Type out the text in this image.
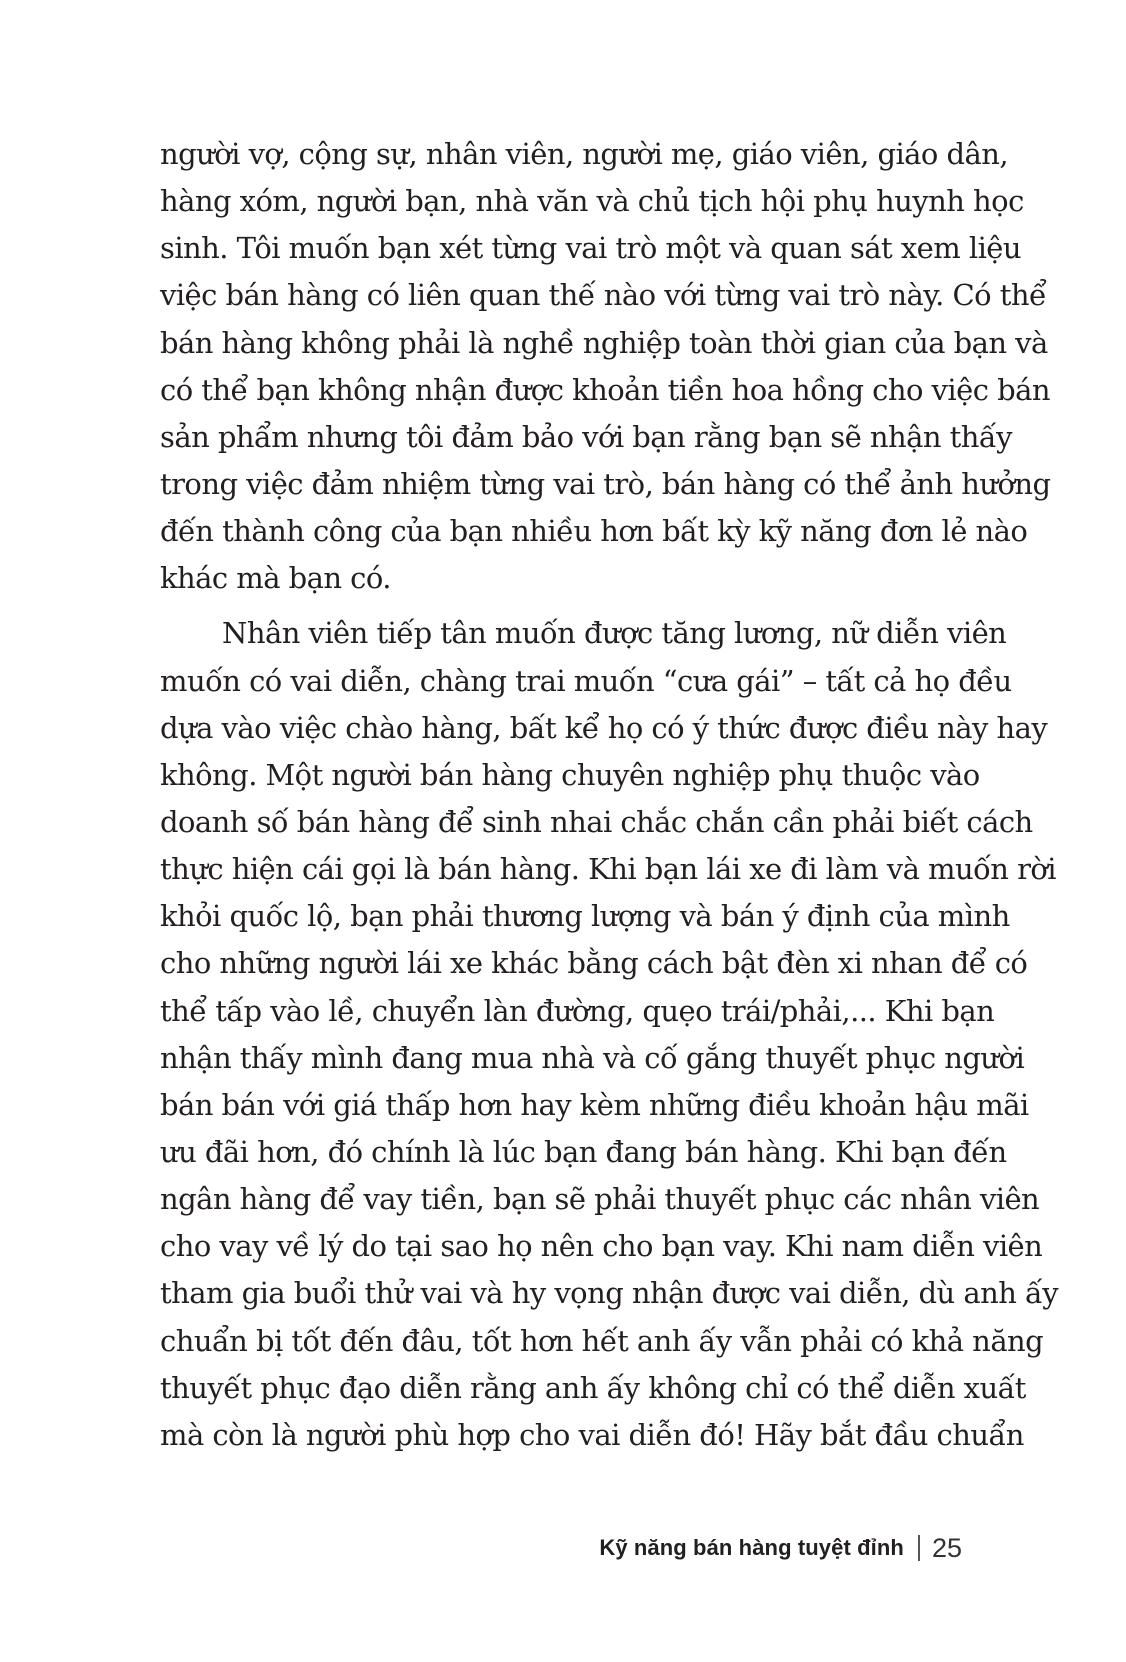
người vợ, cộng sự, nhân viên, người mẹ, giáo viên, giáo dân,
hàng xóm, người bạn, nhà văn và chủ tịch hội phụ huynh học
sinh. Tôi muốn bạn xét từng vai trò một và quan sát xem liệu
việc bán hàng có liên quan thế nào với từng vai trò này. Có thể
bán hàng không phải là nghề nghiệp toàn thời gian của bạn và
có thể bạn không nhận được khoản tiền hoa hồng cho việc bán
sản phẩm nhưng tôi đảm bảo với bạn rằng bạn sẽ nhận thấy
trong việc đảm nhiệm từng vai trò, bán hàng có thể ảnh hưởng
đến thành công của bạn nhiều hơn bất kỳ kỹ năng đơn lẻ nào
khác mà bạn có.
Nhân viên tiếp tân muốn được tăng lương, nữ diễn viên
muốn có vai diễn, chàng trai muốn “cưa gái” – tất cả họ đều
dựa vào việc chào hàng, bất kể họ có ý thức được điều này hay
không. Một người bán hàng chuyên nghiệp phụ thuộc vào
doanh số bán hàng để sinh nhai chắc chắn cần phải biết cách
thực hiện cái gọi là bán hàng. Khi bạn lái xe đi làm và muốn rời
khỏi quốc lộ, bạn phải thương lượng và bán ý định của mình
cho những người lái xe khác bằng cách bật đèn xi nhan để có
thể tấp vào lề, chuyển làn đường, quẹo trái/phải,... Khi bạn
nhận thấy mình đang mua nhà và cố gắng thuyết phục người
bán bán với giá thấp hơn hay kèm những điều khoản hậu mãi
ưu đãi hơn, đó chính là lúc bạn đang bán hàng. Khi bạn đến
ngân hàng để vay tiền, bạn sẽ phải thuyết phục các nhân viên
cho vay về lý do tại sao họ nên cho bạn vay. Khi nam diễn viên
tham gia buổi thử vai và hy vọng nhận được vai diễn, dù anh ấy
chuẩn bị tốt đến đâu, tốt hơn hết anh ấy vẫn phải có khả năng
thuyết phục đạo diễn rằng anh ấy không chỉ có thể diễn xuất
mà còn là người phù hợp cho vai diễn đó! Hãy bắt đầu chuẩn
Kỹ năng bán hàng tuyệt đỉnh 25
